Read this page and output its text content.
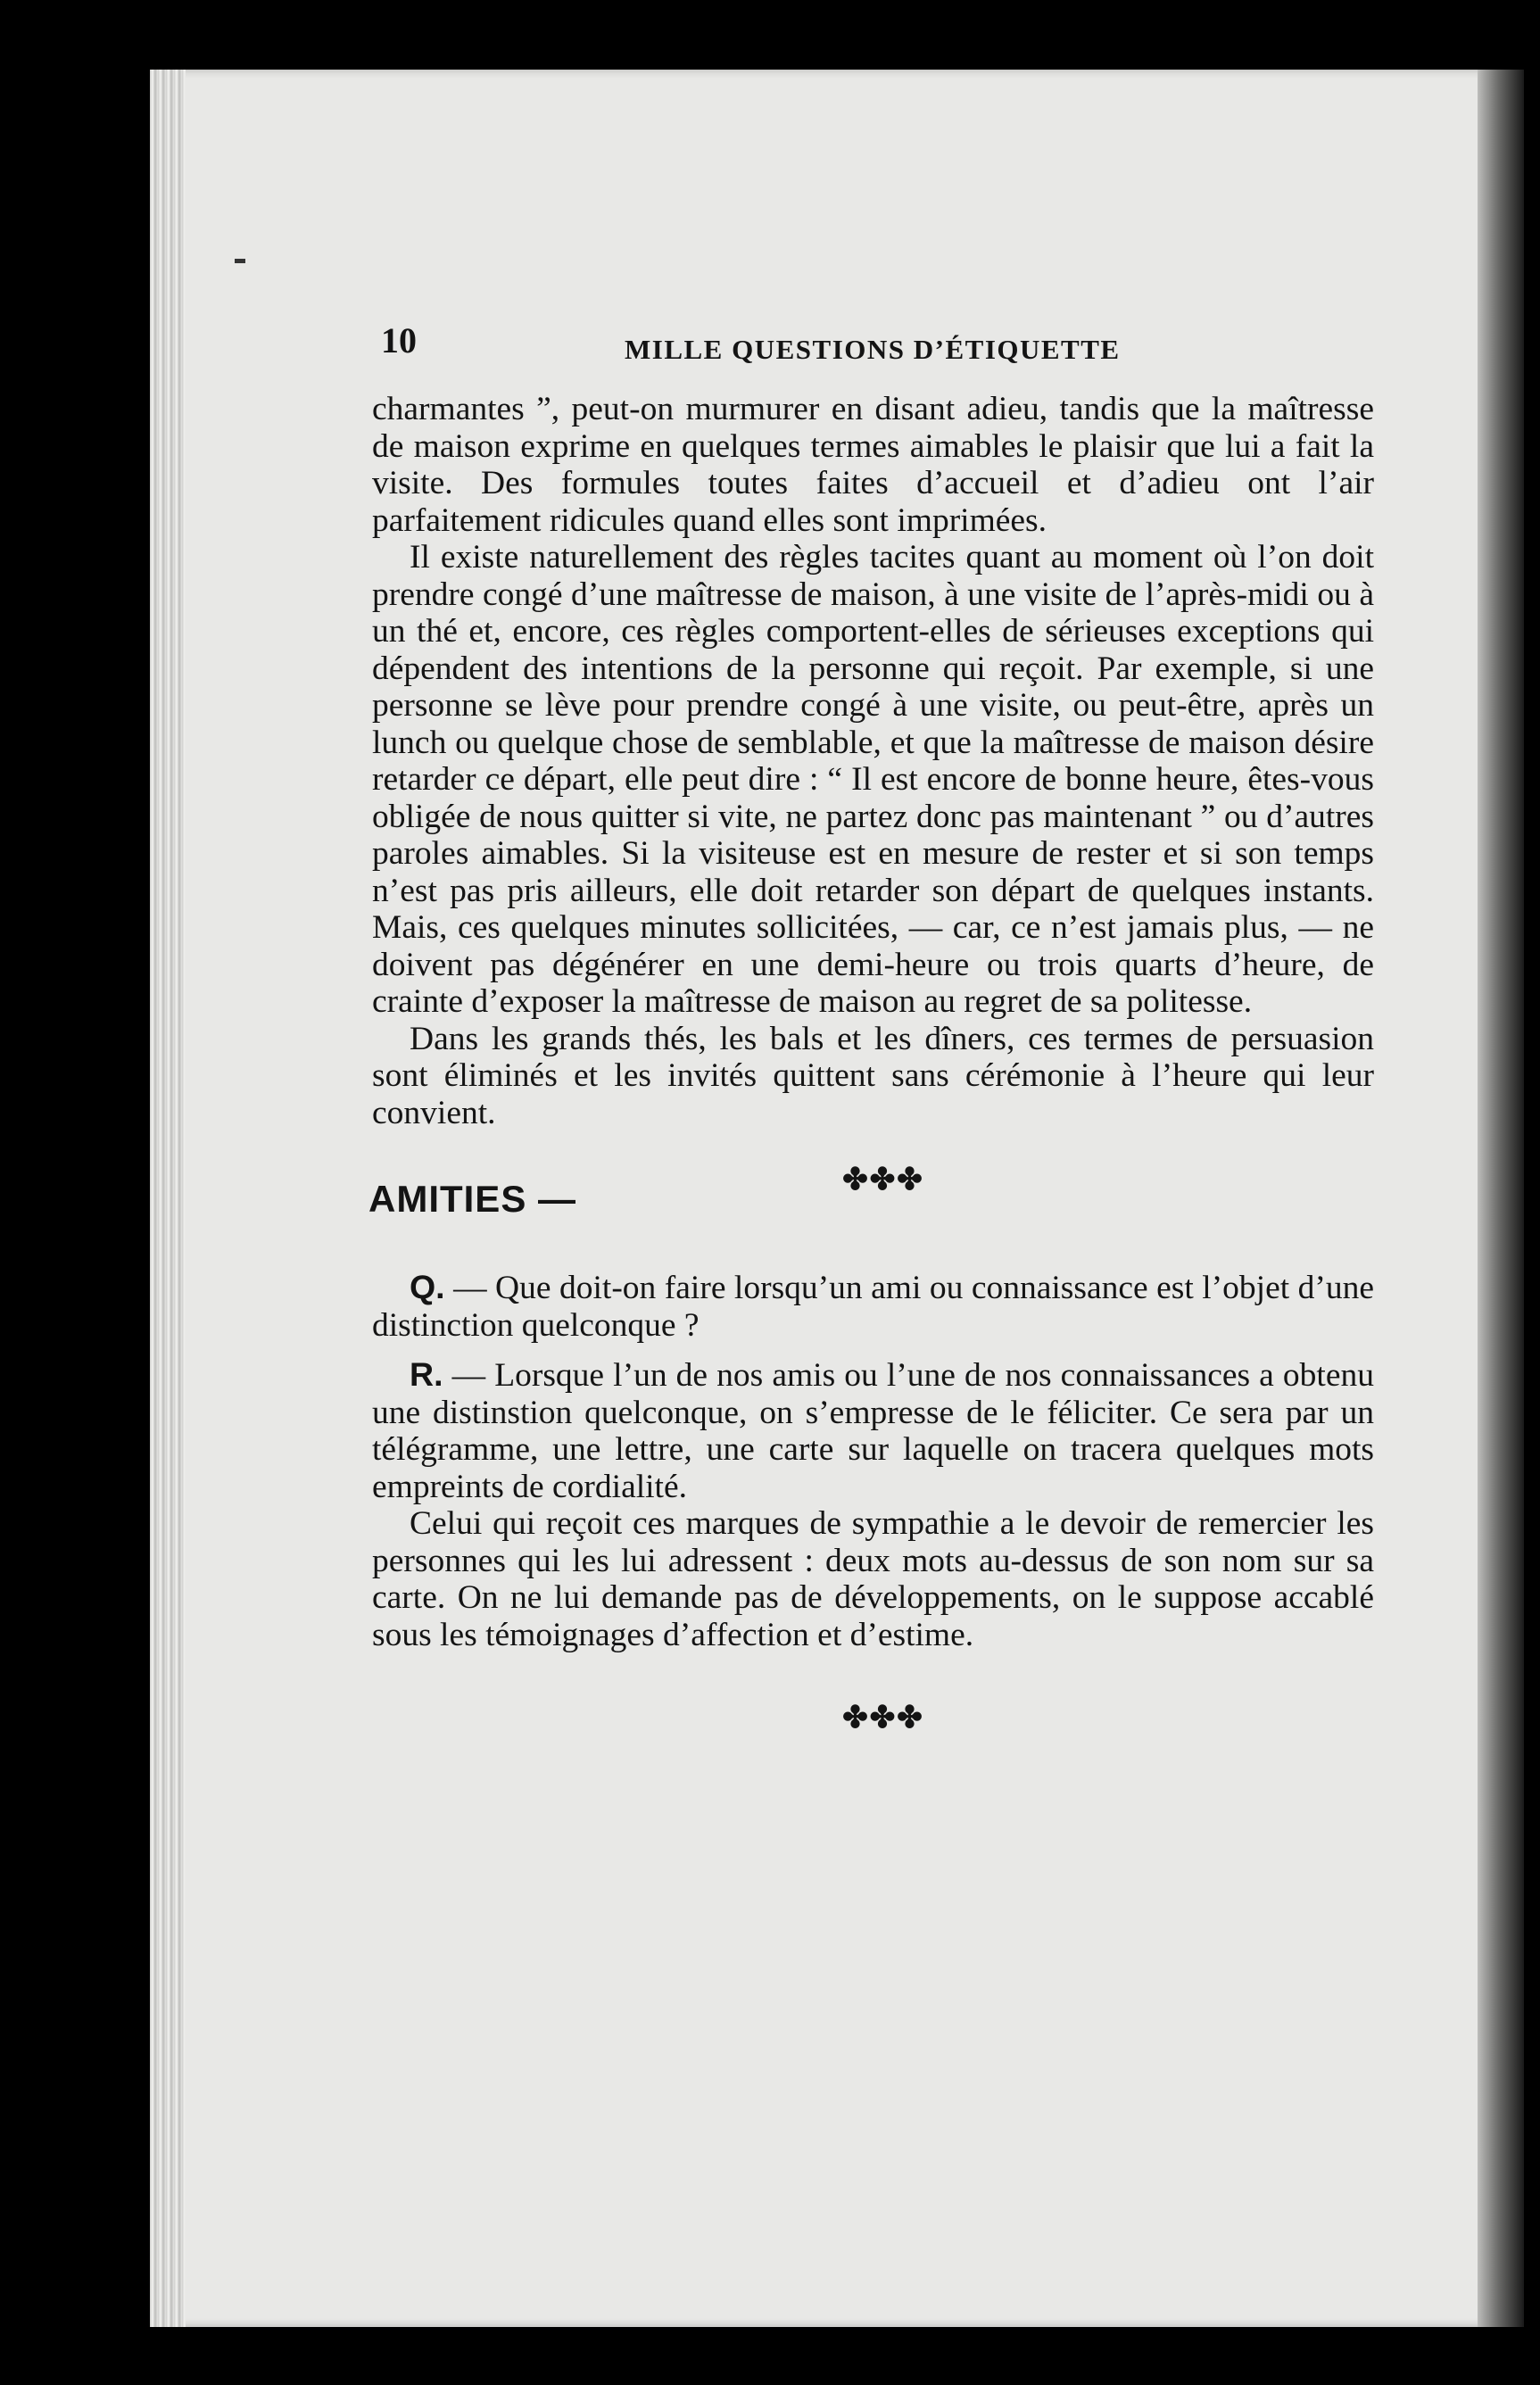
10	MILLE QUESTIONS D’ÉTIQUETTE

charmantes ”, peut-on murmurer en disant adieu, tandis que la maîtresse de maison exprime en quelques termes aimables le plaisir que lui a fait la visite. Des formules toutes faites d’accueil et d’adieu ont l’air parfaitement ridicules quand elles sont imprimées.

Il existe naturellement des règles tacites quant au moment où l’on doit prendre congé d’une maîtresse de maison, à une visite de l’après-midi ou à un thé et, encore, ces règles comportent-elles de sérieuses exceptions qui dépendent des intentions de la personne qui reçoit. Par exemple, si une personne se lève pour prendre congé à une visite, ou peut-être, après un lunch ou quelque chose de semblable, et que la maîtresse de maison désire retarder ce départ, elle peut dire : “ Il est encore de bonne heure, êtes-vous obligée de nous quitter si vite, ne partez donc pas maintenant ” ou d’autres paroles aimables. Si la visiteuse est en mesure de rester et si son temps n’est pas pris ailleurs, elle doit retarder son départ de quelques instants. Mais, ces quelques minutes sollicitées, — car, ce n’est jamais plus, — ne doivent pas dégénérer en une demi-heure ou trois quarts d’heure, de crainte d’exposer la maîtresse de maison au regret de sa politesse.

Dans les grands thés, les bals et les dîners, ces termes de persuasion sont éliminés et les invités quittent sans cérémonie à l’heure qui leur convient.

✤✤✤
AMITIES —

Q. — Que doit-on faire lorsqu’un ami ou connaissance est l’objet d’une distinction quelconque ?

R. — Lorsque l’un de nos amis ou l’une de nos connaissances a obtenu une distinstion quelconque, on s’empresse de le féliciter. Ce sera par un télégramme, une lettre, une carte sur laquelle on tracera quelques mots empreints de cordialité.

Celui qui reçoit ces marques de sympathie a le devoir de remercier les personnes qui les lui adressent : deux mots au-dessus de son nom sur sa carte. On ne lui demande pas de développements, on le suppose accablé sous les témoignages d’affection et d’estime.

✤✤✤
